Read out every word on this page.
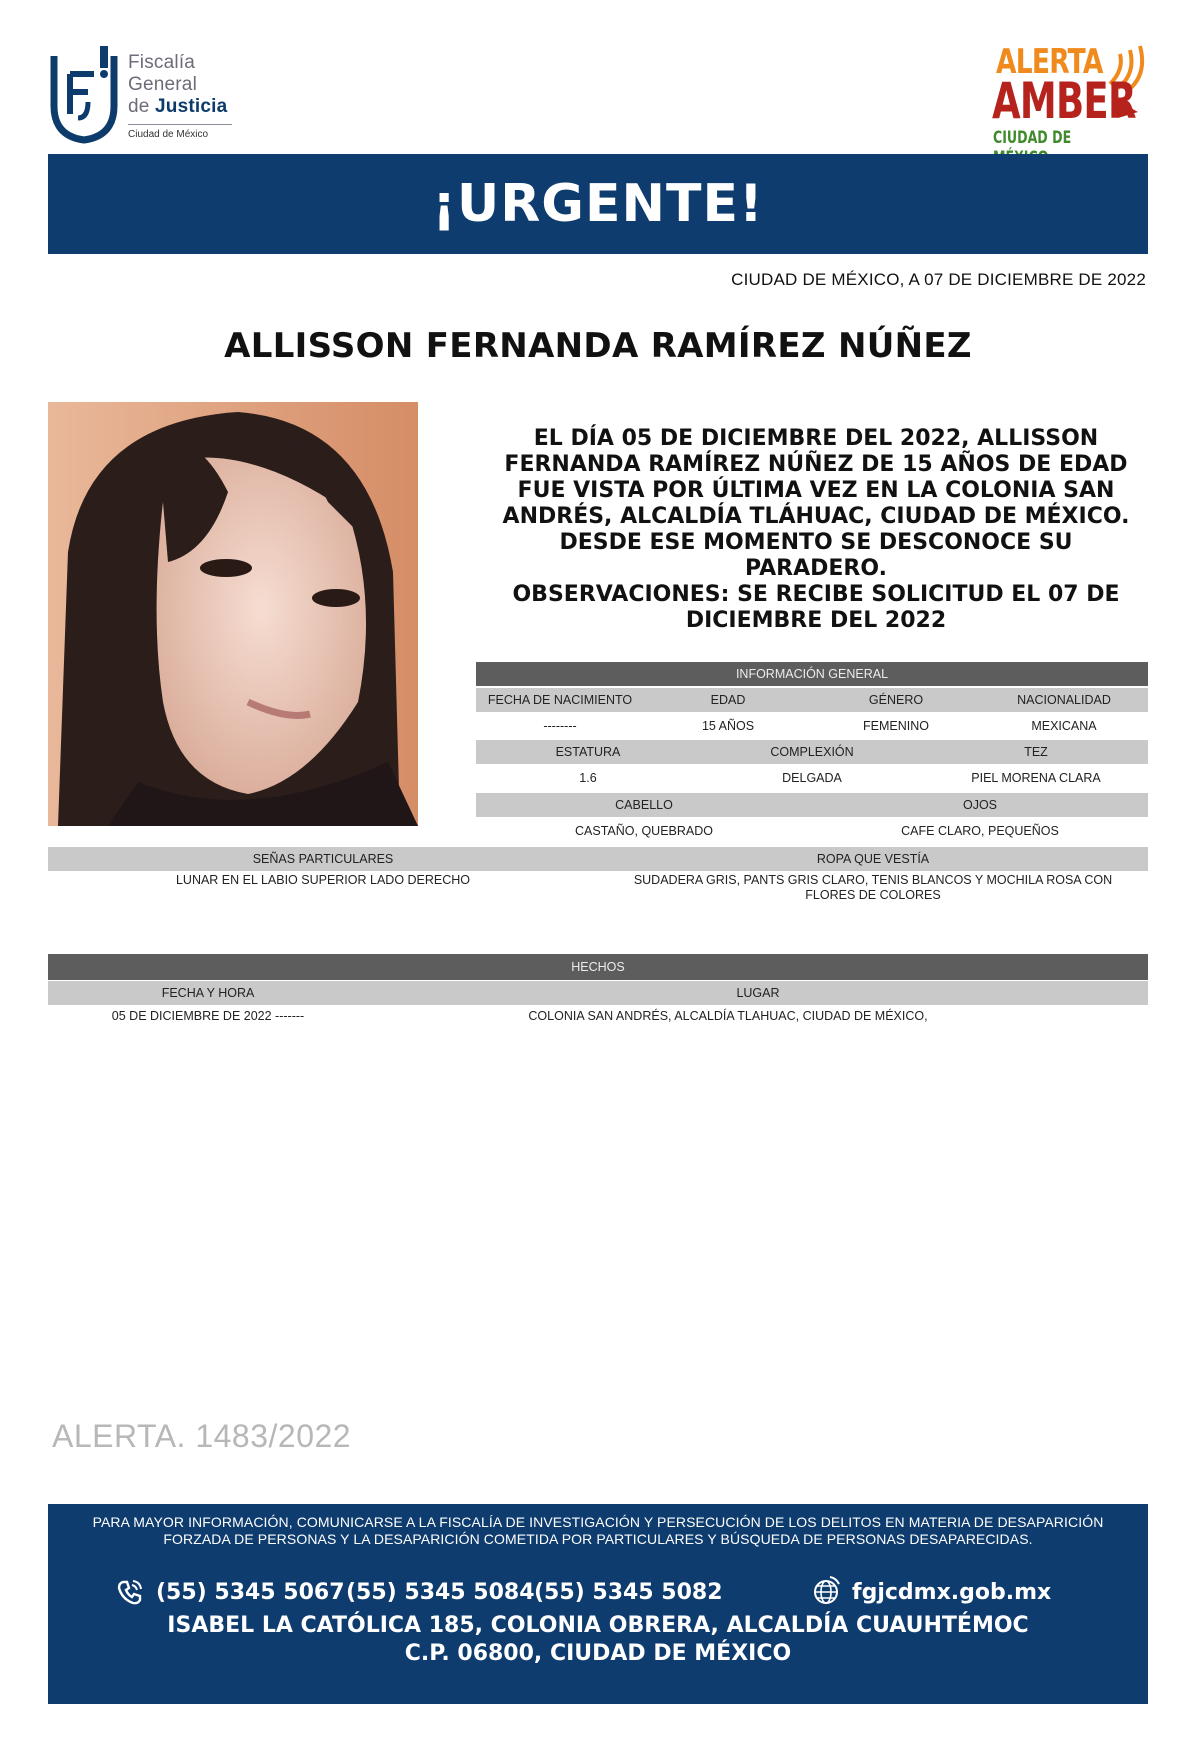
Fiscalía
General
de Justicia
Ciudad de México
ALERTA
AMBER
CIUDAD DE
¡URGENTE!
CIUDAD DE MÉXICO, A 07 DE DICIEMBRE DE 2022
ALLISSON FERNANDA RAMÍREZ NÚÑEZ
EL DÍA 05 DE DICIEMBRE DEL 2022, ALLISSON FERNANDA RAMÍREZ NÚÑEZ DE 15 AÑOS DE EDAD FUE VISTA POR ÚLTIMA VEZ EN LA COLONIA SAN ANDRÉS, ALCALDÍA TLÁHUAC, CIUDAD DE MÉXICO. DESDE ESE MOMENTO SE DESCONOCE SU PARADERO.
OBSERVACIONES: SE RECIBE SOLICITUD EL 07 DE DICIEMBRE DEL 2022
INFORMACIÓN GENERAL
FECHA DE NACIMIENTO	EDAD	GÉNERO	NACIONALIDAD
--------	15 AÑOS	FEMENINO	MEXICANA
ESTATURA	COMPLEXIÓN	TEZ
1.6	DELGADA	PIEL MORENA CLARA
CABELLO	OJOS
CASTAÑO, QUEBRADO	CAFE CLARO, PEQUEÑOS
SEÑAS PARTICULARES	ROPA QUE VESTÍA
LUNAR EN EL LABIO SUPERIOR LADO DERECHO	SUDADERA GRIS, PANTS GRIS CLARO, TENIS BLANCOS Y MOCHILA ROSA CON FLORES DE COLORES
HECHOS
FECHA Y HORA	LUGAR
05 DE DICIEMBRE DE 2022 -------	COLONIA SAN ANDRÉS, ALCALDÍA TLAHUAC, CIUDAD DE MÉXICO,
ALERTA. 1483/2022
PARA MAYOR INFORMACIÓN, COMUNICARSE A LA FISCALÍA DE INVESTIGACIÓN Y PERSECUCIÓN DE LOS DELITOS EN MATERIA DE DESAPARICIÓN FORZADA DE PERSONAS Y LA DESAPARICIÓN COMETIDA POR PARTICULARES Y BÚSQUEDA DE PERSONAS DESAPARECIDAS.
(55) 5345 5067 (55) 5345 5084 (55) 5345 5082	fgjcdmx.gob.mx
ISABEL LA CATÓLICA 185, COLONIA OBRERA, ALCALDÍA CUAUHTÉMOC
C.P. 06800, CIUDAD DE MÉXICO
